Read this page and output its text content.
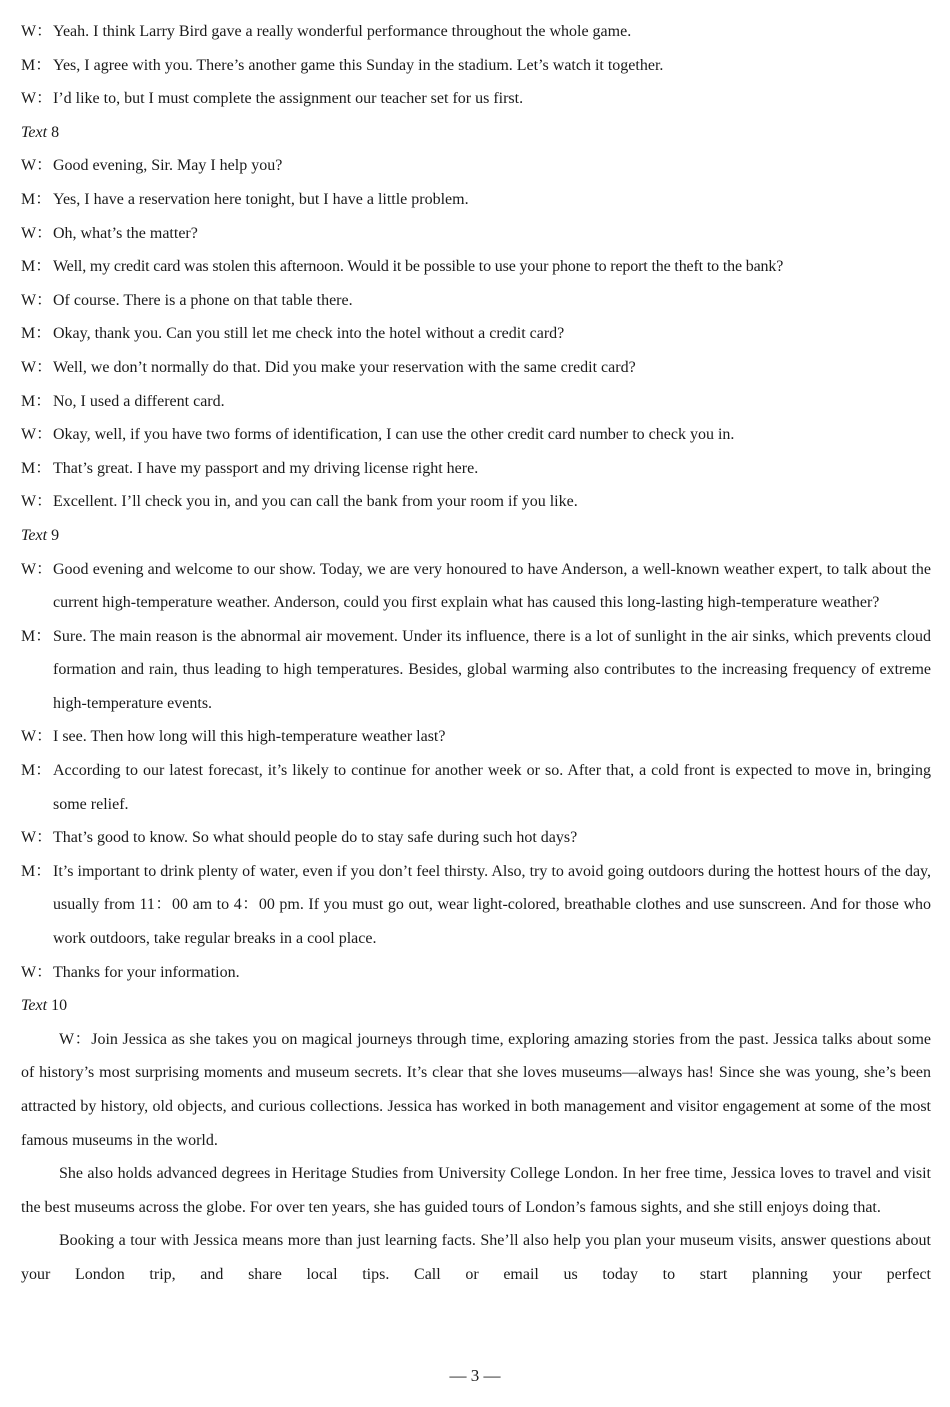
W：Yeah. I think Larry Bird gave a really wonderful performance throughout the whole game.
M： Yes, I agree with you. There’s another game this Sunday in the stadium. Let’s watch it together.
W：I’d like to, but I must complete the assignment our teacher set for us first.
Text 8
W：Good evening, Sir. May I help you?
M： Yes, I have a reservation here tonight, but I have a little problem.
W：Oh, what’s the matter?
M： Well, my credit card was stolen this afternoon. Would it be possible to use your phone to report the theft to the bank?
W：Of course. There is a phone on that table there.
M： Okay, thank you. Can you still let me check into the hotel without a credit card?
W：Well, we don’t normally do that. Did you make your reservation with the same credit card?
M： No, I used a different card.
W：Okay, well, if you have two forms of identification, I can use the other credit card number to check you in.
M： That’s great. I have my passport and my driving license right here.
W：Excellent. I’ll check you in, and you can call the bank from your room if you like.
Text 9
W：Good evening and welcome to our show. Today, we are very honoured to have Anderson, a well-known weather expert, to talk about the current high-temperature weather. Anderson, could you first explain what has caused this long-lasting high-temperature weather?
M： Sure. The main reason is the abnormal air movement. Under its influence, there is a lot of sunlight in the air sinks, which prevents cloud formation and rain, thus leading to high temperatures. Besides, global warming also contributes to the increasing frequency of extreme high-temperature events.
W：I see. Then how long will this high-temperature weather last?
M： According to our latest forecast, it’s likely to continue for another week or so. After that, a cold front is expected to move in, bringing some relief.
W：That’s good to know. So what should people do to stay safe during such hot days?
M： It’s important to drink plenty of water, even if you don’t feel thirsty. Also, try to avoid going outdoors during the hottest hours of the day, usually from 11：00 am to 4：00 pm. If you must go out, wear light-colored, breathable clothes and use sunscreen. And for those who work outdoors, take regular breaks in a cool place.
W：Thanks for your information.
Text 10
W：Join Jessica as she takes you on magical journeys through time, exploring amazing stories from the past. Jessica talks about some of history’s most surprising moments and museum secrets. It’s clear that she loves museums—always has! Since she was young, she’s been attracted by history, old objects, and curious collections. Jessica has worked in both management and visitor engagement at some of the most famous museums in the world.
She also holds advanced degrees in Heritage Studies from University College London. In her free time, Jessica loves to travel and visit the best museums across the globe. For over ten years, she has guided tours of London’s famous sights, and she still enjoys doing that.
Booking a tour with Jessica means more than just learning facts. She’ll also help you plan your museum visits, answer questions about your London trip, and share local tips. Call or email us today to start planning your perfect
— 3 —
